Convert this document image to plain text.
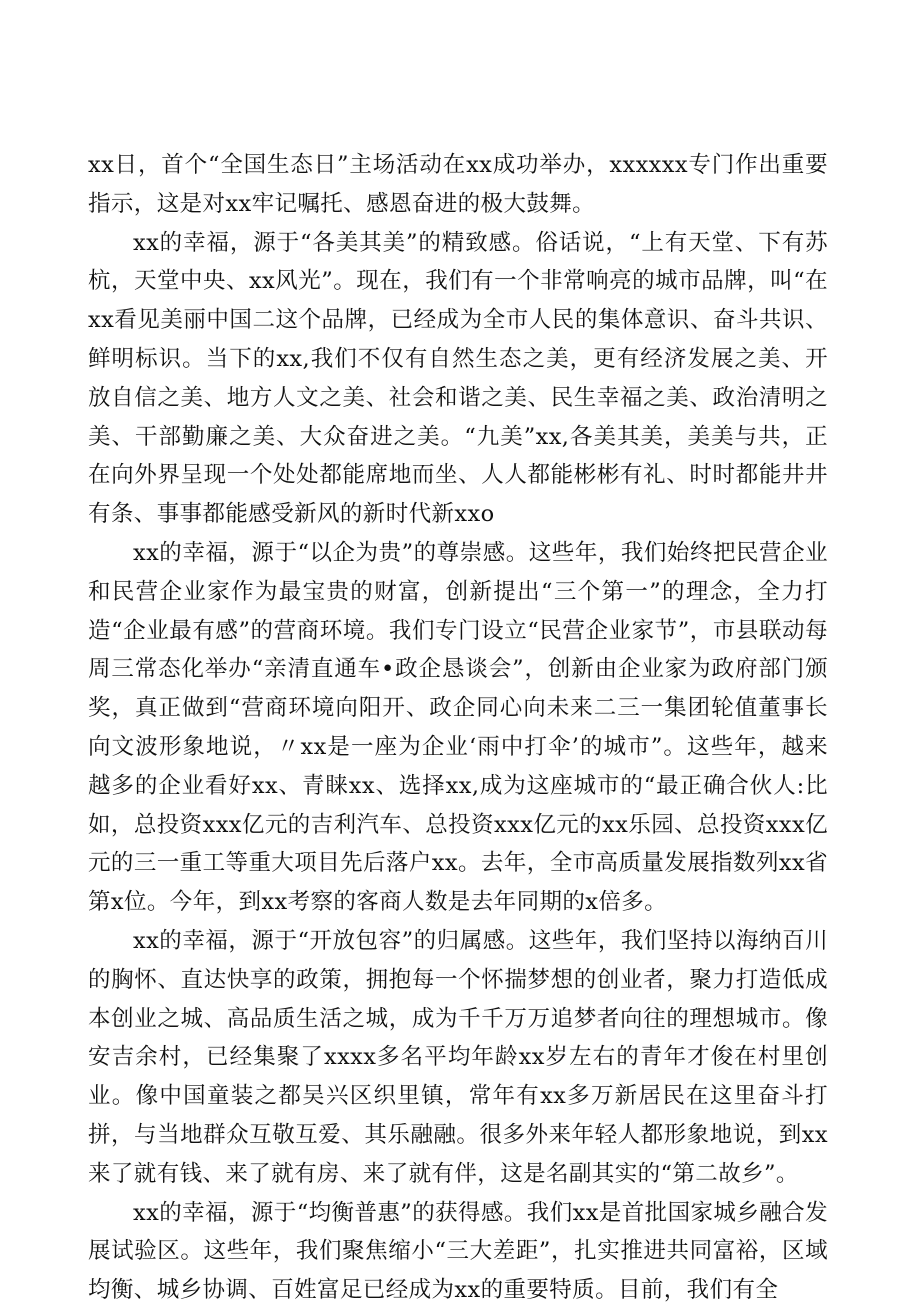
xx日，首个“全国生态日”主场活动在xx成功举办，xxxxxx专门作出重要指示，这是对xx牢记嘱托、感恩奋进的极大鼓舞。

xx的幸福，源于“各美其美”的精致感。俗话说，“上有天堂、下有苏杭，天堂中央、xx风光”。现在，我们有一个非常响亮的城市品牌，叫“在xx看见美丽中国二这个品牌，已经成为全市人民的集体意识、奋斗共识、鲜明标识。当下的xx,我们不仅有自然生态之美，更有经济发展之美、开放自信之美、地方人文之美、社会和谐之美、民生幸福之美、政治清明之美、干部勤廉之美、大众奋进之美。“九美”xx,各美其美，美美与共，正在向外界呈现一个处处都能席地而坐、人人都能彬彬有礼、时时都能井井有条、事事都能感受新风的新时代新xxo

xx的幸福，源于“以企为贵”的尊崇感。这些年，我们始终把民营企业和民营企业家作为最宝贵的财富，创新提出“三个第一”的理念，全力打造“企业最有感”的营商环境。我们专门设立“民营企业家节”，市县联动每周三常态化举办“亲清直通车•政企恳谈会”，创新由企业家为政府部门颁奖，真正做到“营商环境向阳开、政企同心向未来二三一集团轮值董事长向文波形象地说，〃xx是一座为企业‘雨中打伞’的城市”。这些年，越来越多的企业看好xx、青睐xx、选择xx,成为这座城市的“最正确合伙人:比如，总投资xxx亿元的吉利汽车、总投资xxx亿元的xx乐园、总投资xxx亿元的三一重工等重大项目先后落户xx。去年，全市高质量发展指数列xx省第x位。今年，到xx考察的客商人数是去年同期的x倍多。

xx的幸福，源于“开放包容”的归属感。这些年，我们坚持以海纳百川的胸怀、直达快享的政策，拥抱每一个怀揣梦想的创业者，聚力打造低成本创业之城、高品质生活之城，成为千千万万追梦者向往的理想城市。像安吉余村，已经集聚了xxxx多名平均年龄xx岁左右的青年才俊在村里创业。像中国童装之都吴兴区织里镇，常年有xx多万新居民在这里奋斗打拼，与当地群众互敬互爱、其乐融融。很多外来年轻人都形象地说，到xx来了就有钱、来了就有房、来了就有伴，这是名副其实的“第二故乡”。

xx的幸福，源于“均衡普惠”的获得感。我们xx是首批国家城乡融合发展试验区。这些年，我们聚焦缩小“三大差距”，扎实推进共同富裕，区域均衡、城乡协调、百姓富足已经成为xx的重要特质。目前，我们有全
